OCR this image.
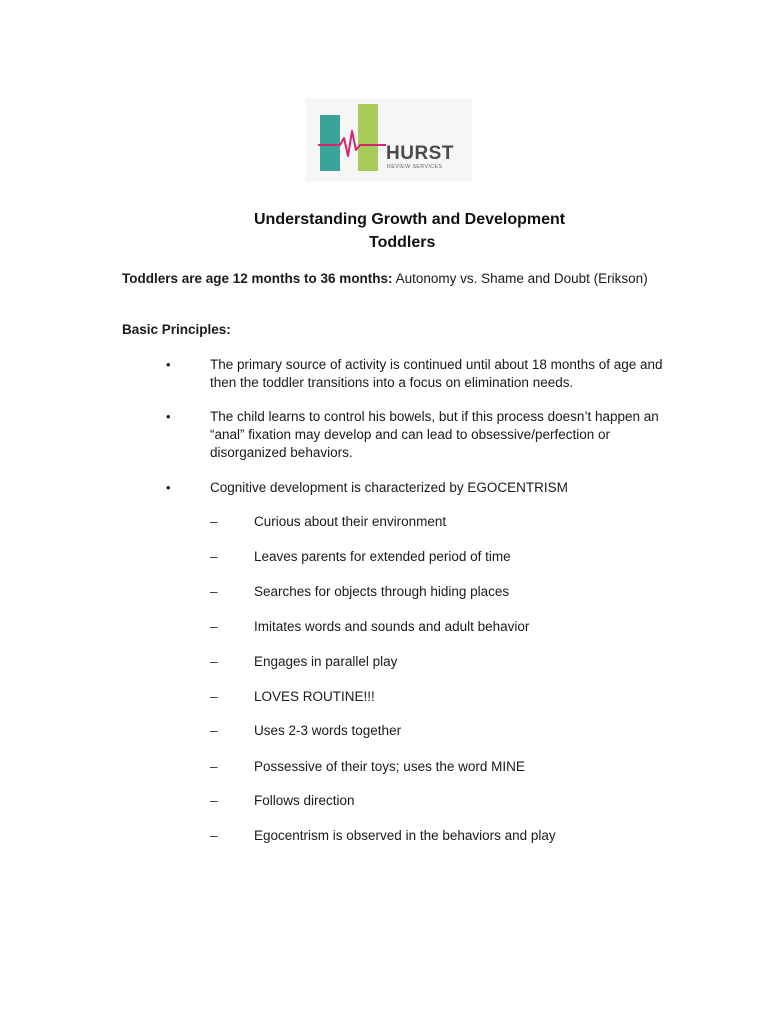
HURST
REVIEW SERVICES
Understanding Growth and Development
Toddlers
Toddlers are age 12 months to 36 months: Autonomy vs. Shame and Doubt (Erikson)
Basic Principles:
•	The primary source of activity is continued until about 18 months of age and then the toddler transitions into a focus on elimination needs.
•	The child learns to control his bowels, but if this process doesn’t happen an “anal” fixation may develop and can lead to obsessive/perfection or disorganized behaviors.
•	Cognitive development is characterized by EGOCENTRISM
–	Curious about their environment
–	Leaves parents for extended period of time
–	Searches for objects through hiding places
–	Imitates words and sounds and adult behavior
–	Engages in parallel play
–	LOVES ROUTINE!!!
–	Uses 2-3 words together
–	Possessive of their toys; uses the word MINE
–	Follows direction
–	Egocentrism is observed in the behaviors and play
